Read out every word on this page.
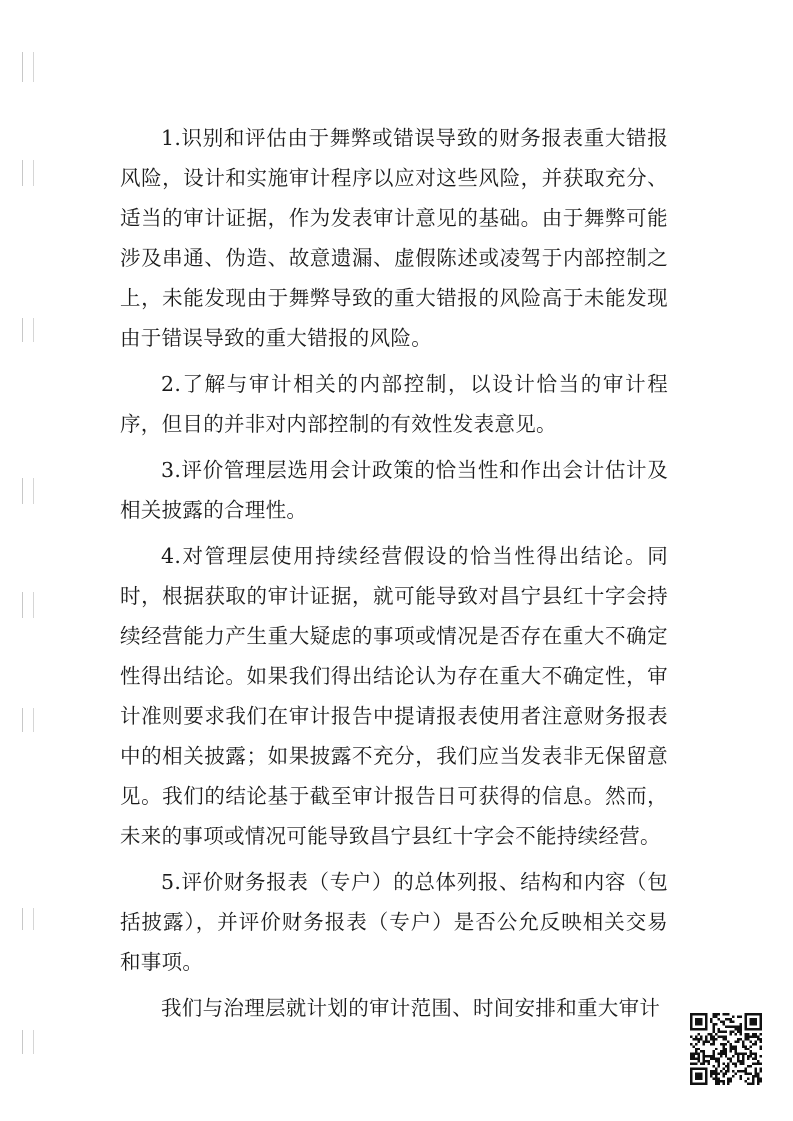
1.识别和评估由于舞弊或错误导致的财务报表重大错报风险，设计和实施审计程序以应对这些风险，并获取充分、适当的审计证据，作为发表审计意见的基础。由于舞弊可能涉及串通、伪造、故意遗漏、虚假陈述或凌驾于内部控制之上，未能发现由于舞弊导致的重大错报的风险高于未能发现由于错误导致的重大错报的风险。

2.了解与审计相关的内部控制，以设计恰当的审计程序，但目的并非对内部控制的有效性发表意见。

3.评价管理层选用会计政策的恰当性和作出会计估计及相关披露的合理性。

4.对管理层使用持续经营假设的恰当性得出结论。同时，根据获取的审计证据，就可能导致对昌宁县红十字会持续经营能力产生重大疑虑的事项或情况是否存在重大不确定性得出结论。如果我们得出结论认为存在重大不确定性，审计准则要求我们在审计报告中提请报表使用者注意财务报表中的相关披露；如果披露不充分，我们应当发表非无保留意见。我们的结论基于截至审计报告日可获得的信息。然而，未来的事项或情况可能导致昌宁县红十字会不能持续经营。

5.评价财务报表（专户）的总体列报、结构和内容（包括披露），并评价财务报表（专户）是否公允反映相关交易和事项。

我们与治理层就计划的审计范围、时间安排和重大审计
